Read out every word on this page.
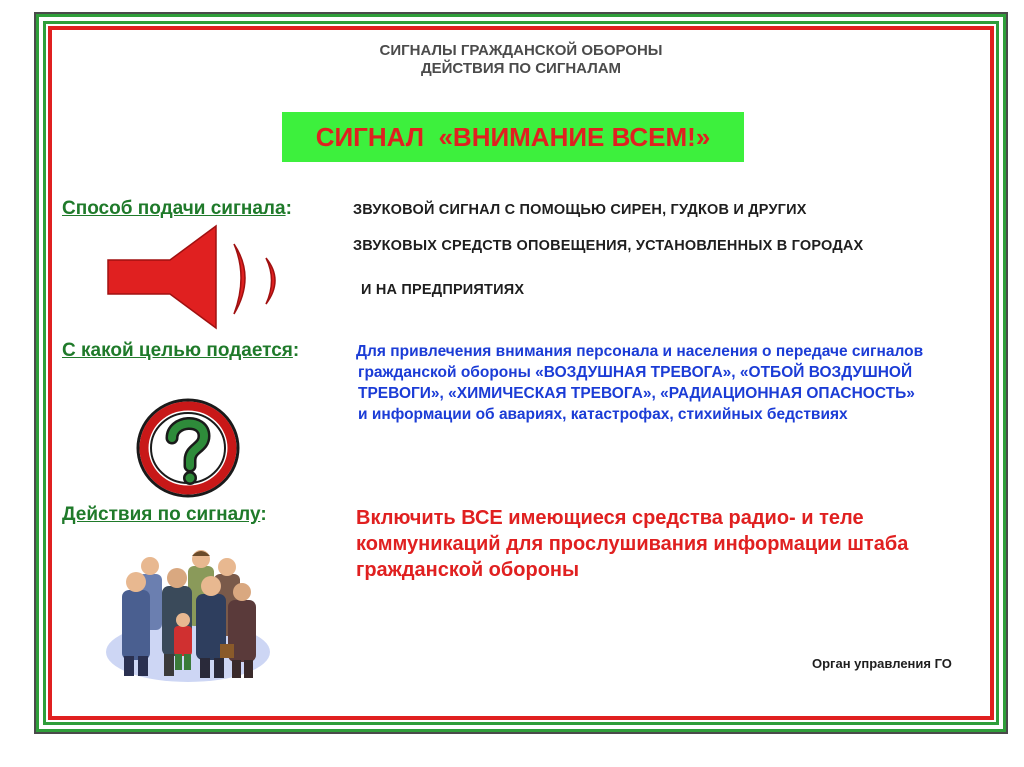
СИГНАЛЫ ГРАЖДАНСКОЙ ОБОРОНЫ
ДЕЙСТВИЯ ПО СИГНАЛАМ
СИГНАЛ  «ВНИМАНИЕ ВСЕМ!»
Способ подачи сигнала:	ЗВУКОВОЙ СИГНАЛ С ПОМОЩЬЮ СИРЕН, ГУДКОВ И ДРУГИХ
ЗВУКОВЫХ СРЕДСТВ ОПОВЕЩЕНИЯ, УСТАНОВЛЕННЫХ В ГОРОДАХ
И НА ПРЕДПРИЯТИЯХ
С какой целью подается:	Для привлечения внимания персонала и населения о передаче сигналов
гражданской обороны «ВОЗДУШНАЯ ТРЕВОГА», «ОТБОЙ ВОЗДУШНОЙ
ТРЕВОГИ», «ХИМИЧЕСКАЯ ТРЕВОГА», «РАДИАЦИОННАЯ ОПАСНОСТЬ»
и информации об авариях, катастрофах, стихийных бедствиях
Действия по сигналу:	Включить ВСЕ имеющиеся средства радио- и теле
коммуникаций для прослушивания информации штаба
гражданской обороны
Орган управления ГО
